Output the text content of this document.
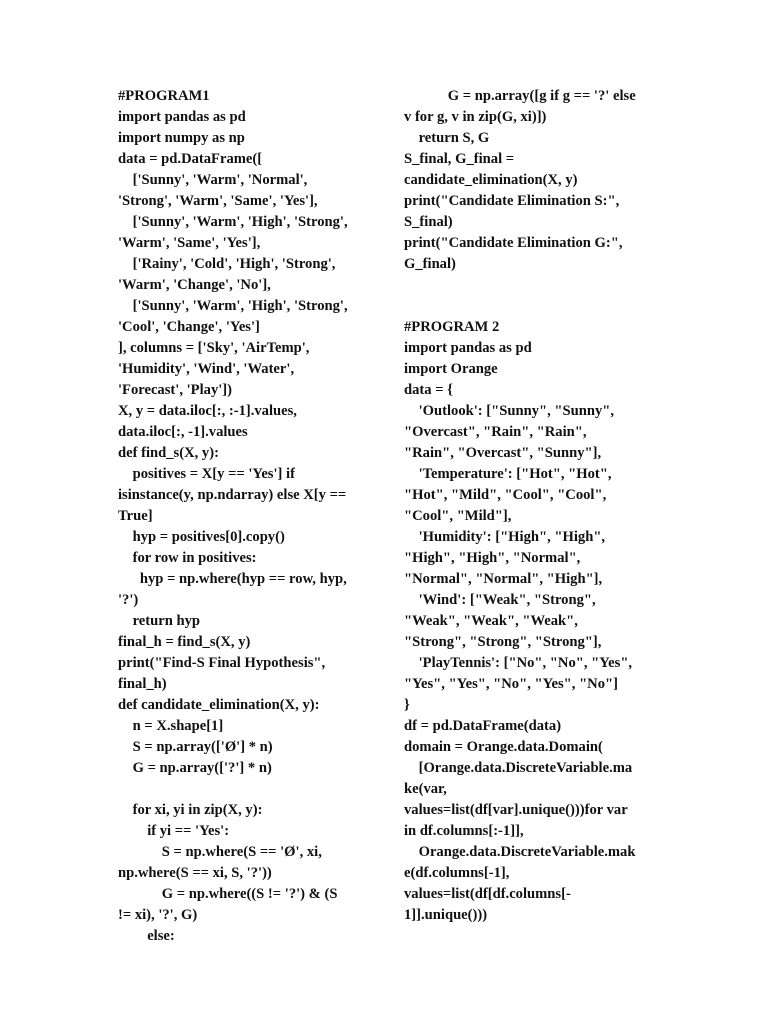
#PROGRAM1
import pandas as pd
import numpy as np
data = pd.DataFrame([
['Sunny', 'Warm', 'Normal',
'Strong', 'Warm', 'Same', 'Yes'],
['Sunny', 'Warm', 'High', 'Strong',
'Warm', 'Same', 'Yes'],
['Rainy', 'Cold', 'High', 'Strong',
'Warm', 'Change', 'No'],
['Sunny', 'Warm', 'High', 'Strong',
'Cool', 'Change', 'Yes']
], columns = ['Sky', 'AirTemp',
'Humidity', 'Wind', 'Water',
'Forecast', 'Play'])
X, y = data.iloc[:, :-1].values,
data.iloc[:, -1].values
def find_s(X, y):
positives = X[y == 'Yes'] if
isinstance(y, np.ndarray) else X[y ==
True]
hyp = positives[0].copy()
for row in positives:
hyp = np.where(hyp == row, hyp,
'?')
return hyp
final_h = find_s(X, y)
print("Find-S Final Hypothesis",
final_h)
def candidate_elimination(X, y):
n = X.shape[1]
S = np.array(['Ø'] * n)
G = np.array(['?'] * n)
for xi, yi in zip(X, y):
if yi == 'Yes':
S = np.where(S == 'Ø', xi,
np.where(S == xi, S, '?'))
G = np.where((S != '?') & (S
!= xi), '?', G)
else:
G = np.array([g if g == '?' else
v for g, v in zip(G, xi)])
return S, G
S_final, G_final =
candidate_elimination(X, y)
print("Candidate Elimination S:",
S_final)
print("Candidate Elimination G:",
G_final)
#PROGRAM 2
import pandas as pd
import Orange
data = {
'Outlook': ["Sunny", "Sunny",
"Overcast", "Rain", "Rain",
"Rain", "Overcast", "Sunny"],
'Temperature': ["Hot", "Hot",
"Hot", "Mild", "Cool", "Cool",
"Cool", "Mild"],
'Humidity': ["High", "High",
"High", "High", "Normal",
"Normal", "Normal", "High"],
'Wind': ["Weak", "Strong",
"Weak", "Weak", "Weak",
"Strong", "Strong", "Strong"],
'PlayTennis': ["No", "No", "Yes",
"Yes", "Yes", "No", "Yes", "No"]
}
df = pd.DataFrame(data)
domain = Orange.data.Domain(
[Orange.data.DiscreteVariable.ma
ke(var,
values=list(df[var].unique()))for var
in df.columns[:-1]],
Orange.data.DiscreteVariable.mak
e(df.columns[-1],
values=list(df[df.columns[-
1]].unique()))
